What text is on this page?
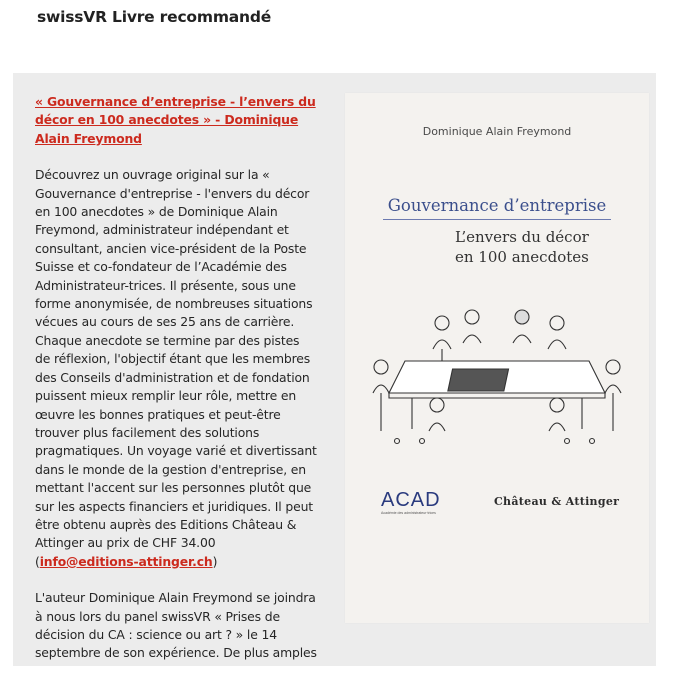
swissVR Livre recommandé

« Gouvernance d’entreprise - l’envers du décor en 100 anecdotes » - Dominique Alain Freymond

Découvrez un ouvrage original sur la « Gouvernance d'entreprise - l'envers du décor en 100 anecdotes » de Dominique Alain Freymond, administrateur indépendant et consultant, ancien vice-président de la Poste Suisse et co-fondateur de l’Académie des Administrateur-trices. Il présente, sous une forme anonymisée, de nombreuses situations vécues au cours de ses 25 ans de carrière. Chaque anecdote se termine par des pistes de réflexion, l'objectif étant que les membres des Conseils d'administration et de fondation puissent mieux remplir leur rôle, mettre en œuvre les bonnes pratiques et peut-être trouver plus facilement des solutions pragmatiques. Un voyage varié et divertissant dans le monde de la gestion d'entreprise, en mettant l'accent sur les personnes plutôt que sur les aspects financiers et juridiques. Il peut être obtenu auprès des Editions Château & Attinger au prix de CHF 34.00 (info@editions-attinger.ch)

L'auteur Dominique Alain Freymond se joindra à nous lors du panel swissVR « Prises de décision du CA : science ou art ? » le 14 septembre de son expérience. De plus amples

Dominique Alain Freymond
Gouvernance d’entreprise
L’envers du décor
en 100 anecdotes
ACAD
Académie des administrateur·trices
Château & Attinger
